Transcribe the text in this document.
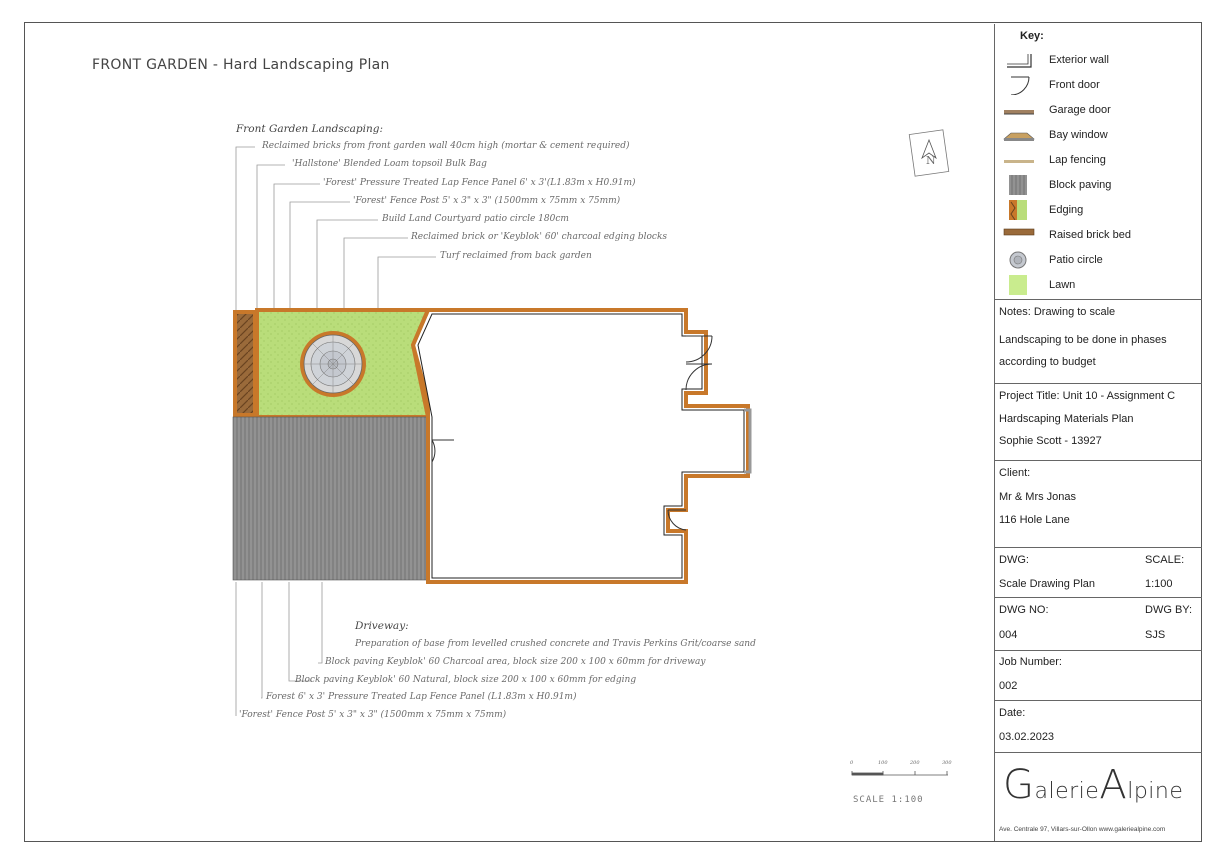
FRONT GARDEN - Hard Landscaping Plan
Front Garden Landscaping:
Reclaimed bricks from front garden wall 40cm high (mortar & cement required)
'Hallstone' Blended Loam topsoil Bulk Bag
'Forest' Pressure Treated Lap Fence Panel 6' x 3'(L1.83m x H0.91m)
'Forest' Fence Post 5' x 3" x 3" (1500mm x 75mm x 75mm)
Build Land Courtyard patio circle 180cm
Reclaimed brick or 'Keyblok' 60' charcoal edging blocks
Turf reclaimed from back garden
Driveway:
Preparation of base from levelled crushed concrete and Travis Perkins Grit/coarse sand
Block paving Keyblok' 60 Charcoal area, block size 200 x 100 x 60mm for driveway
Block paving Keyblok' 60 Natural, block size 200 x 100 x 60mm for edging
Forest 6' x 3' Pressure Treated Lap Fence Panel (L1.83m x H0.91m)
'Forest' Fence Post 5' x 3" x 3" (1500mm x 75mm x 75mm)
N
0	100	200	300
SCALE 1:100
Key:
Exterior wall
Front door
Garage door
Bay window
Lap fencing
Block paving
Edging
Raised brick bed
Patio circle
Lawn
Notes: Drawing to scale
Landscaping to be done in phases
according to budget
Project Title: Unit 10 - Assignment C
Hardscaping Materials Plan
Sophie Scott - 13927
Client:
Mr & Mrs Jonas
116 Hole Lane
DWG:	SCALE:
Scale Drawing Plan	1:100
DWG NO:	DWG BY:
004	SJS
Job Number:
002
Date:
03.02.2023
GalerieAlpine
Ave. Centrale 97, Villars-sur-Ollon www.galeriealpine.com
